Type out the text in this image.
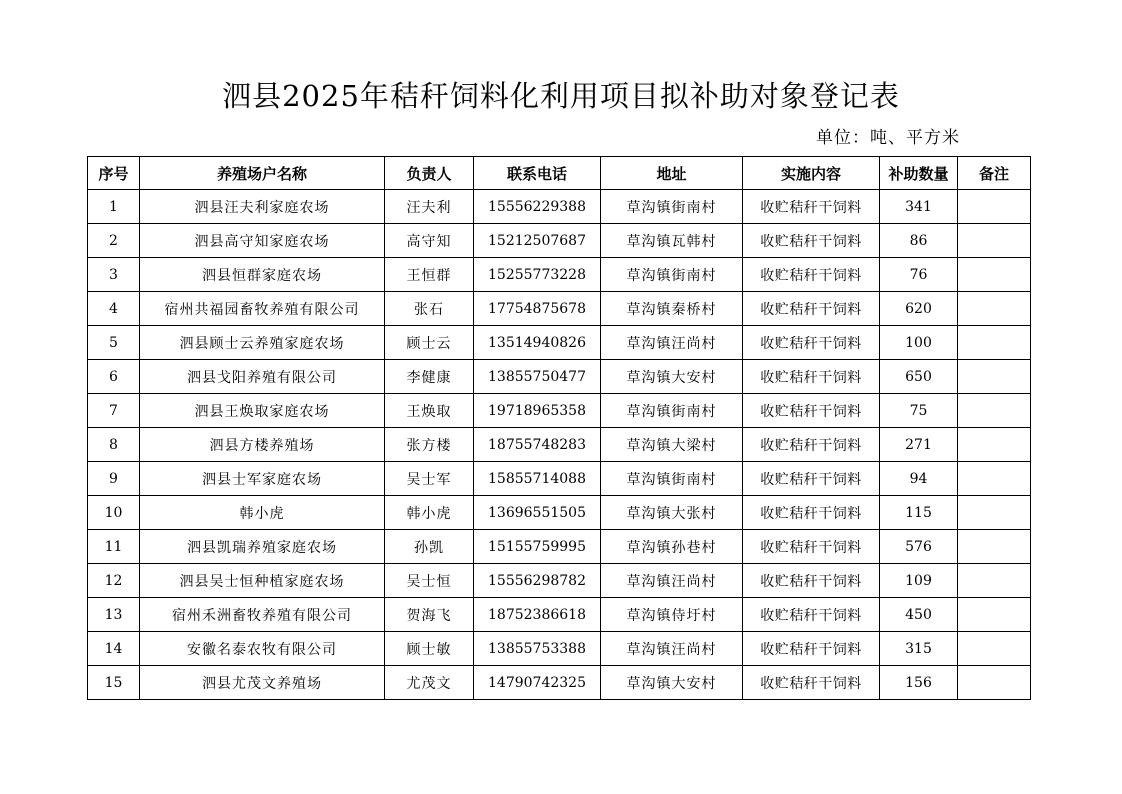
泗县2025年秸秆饲料化利用项目拟补助对象登记表
单位：吨、平方米
序号	养殖场户名称	负责人	联系电话	地址	实施内容	补助数量	备注
1	泗县汪夫利家庭农场	汪夫利	15556229388	草沟镇街南村	收贮秸秆干饲料	341	
2	泗县高守知家庭农场	高守知	15212507687	草沟镇瓦韩村	收贮秸秆干饲料	86	
3	泗县恒群家庭农场	王恒群	15255773228	草沟镇街南村	收贮秸秆干饲料	76	
4	宿州共福园畜牧养殖有限公司	张石	17754875678	草沟镇秦桥村	收贮秸秆干饲料	620	
5	泗县顾士云养殖家庭农场	顾士云	13514940826	草沟镇汪尚村	收贮秸秆干饲料	100	
6	泗县戈阳养殖有限公司	李健康	13855750477	草沟镇大安村	收贮秸秆干饲料	650	
7	泗县王焕取家庭农场	王焕取	19718965358	草沟镇街南村	收贮秸秆干饲料	75	
8	泗县方楼养殖场	张方楼	18755748283	草沟镇大梁村	收贮秸秆干饲料	271	
9	泗县士军家庭农场	吴士军	15855714088	草沟镇街南村	收贮秸秆干饲料	94	
10	韩小虎	韩小虎	13696551505	草沟镇大张村	收贮秸秆干饲料	115	
11	泗县凯瑞养殖家庭农场	孙凯	15155759995	草沟镇孙巷村	收贮秸秆干饲料	576	
12	泗县吴士恒种植家庭农场	吴士恒	15556298782	草沟镇汪尚村	收贮秸秆干饲料	109	
13	宿州禾洲畜牧养殖有限公司	贺海飞	18752386618	草沟镇侍圩村	收贮秸秆干饲料	450	
14	安徽名泰农牧有限公司	顾士敏	13855753388	草沟镇汪尚村	收贮秸秆干饲料	315	
15	泗县尤茂文养殖场	尤茂文	14790742325	草沟镇大安村	收贮秸秆干饲料	156	
